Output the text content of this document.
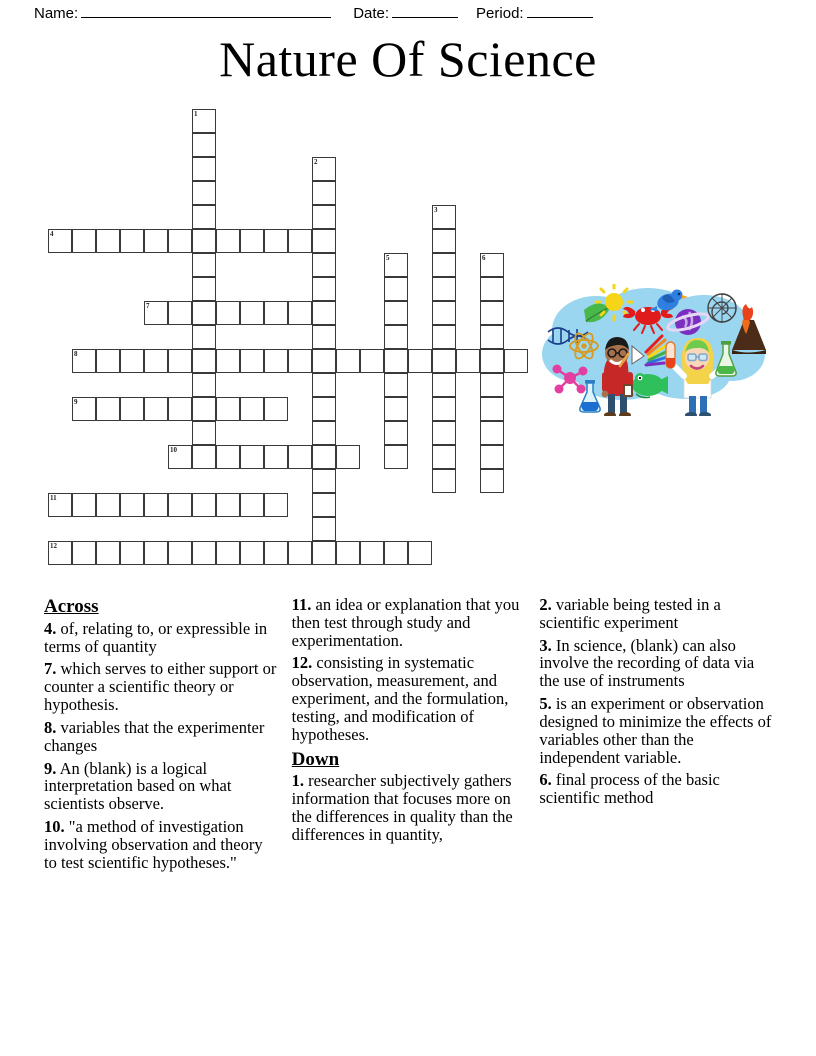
Name:	Date:	Period:
Nature Of Science
1
2
3
4
5	6
7
8
9
10
11
12
Across
4. of, relating to, or expressible in terms of quantity
7. which serves to either support or counter a scientific theory or hypothesis.
8. variables that the experimenter changes
9. An (blank) is a logical interpretation based on what scientists observe.
10. "a method of investigation involving observation and theory to test scientific hypotheses."
11. an idea or explanation that you then test through study and experimentation.
12. consisting in systematic observation, measurement, and experiment, and the formulation, testing, and modification of hypotheses.
Down
1. researcher subjectively gathers information that focuses more on the differences in quality than the differences in quantity,
2. variable being tested in a scientific experiment
3. In science, (blank) can also involve the recording of data via the use of instruments
5. is an experiment or observation designed to minimize the effects of variables other than the independent variable.
6. final process of the basic scientific method
